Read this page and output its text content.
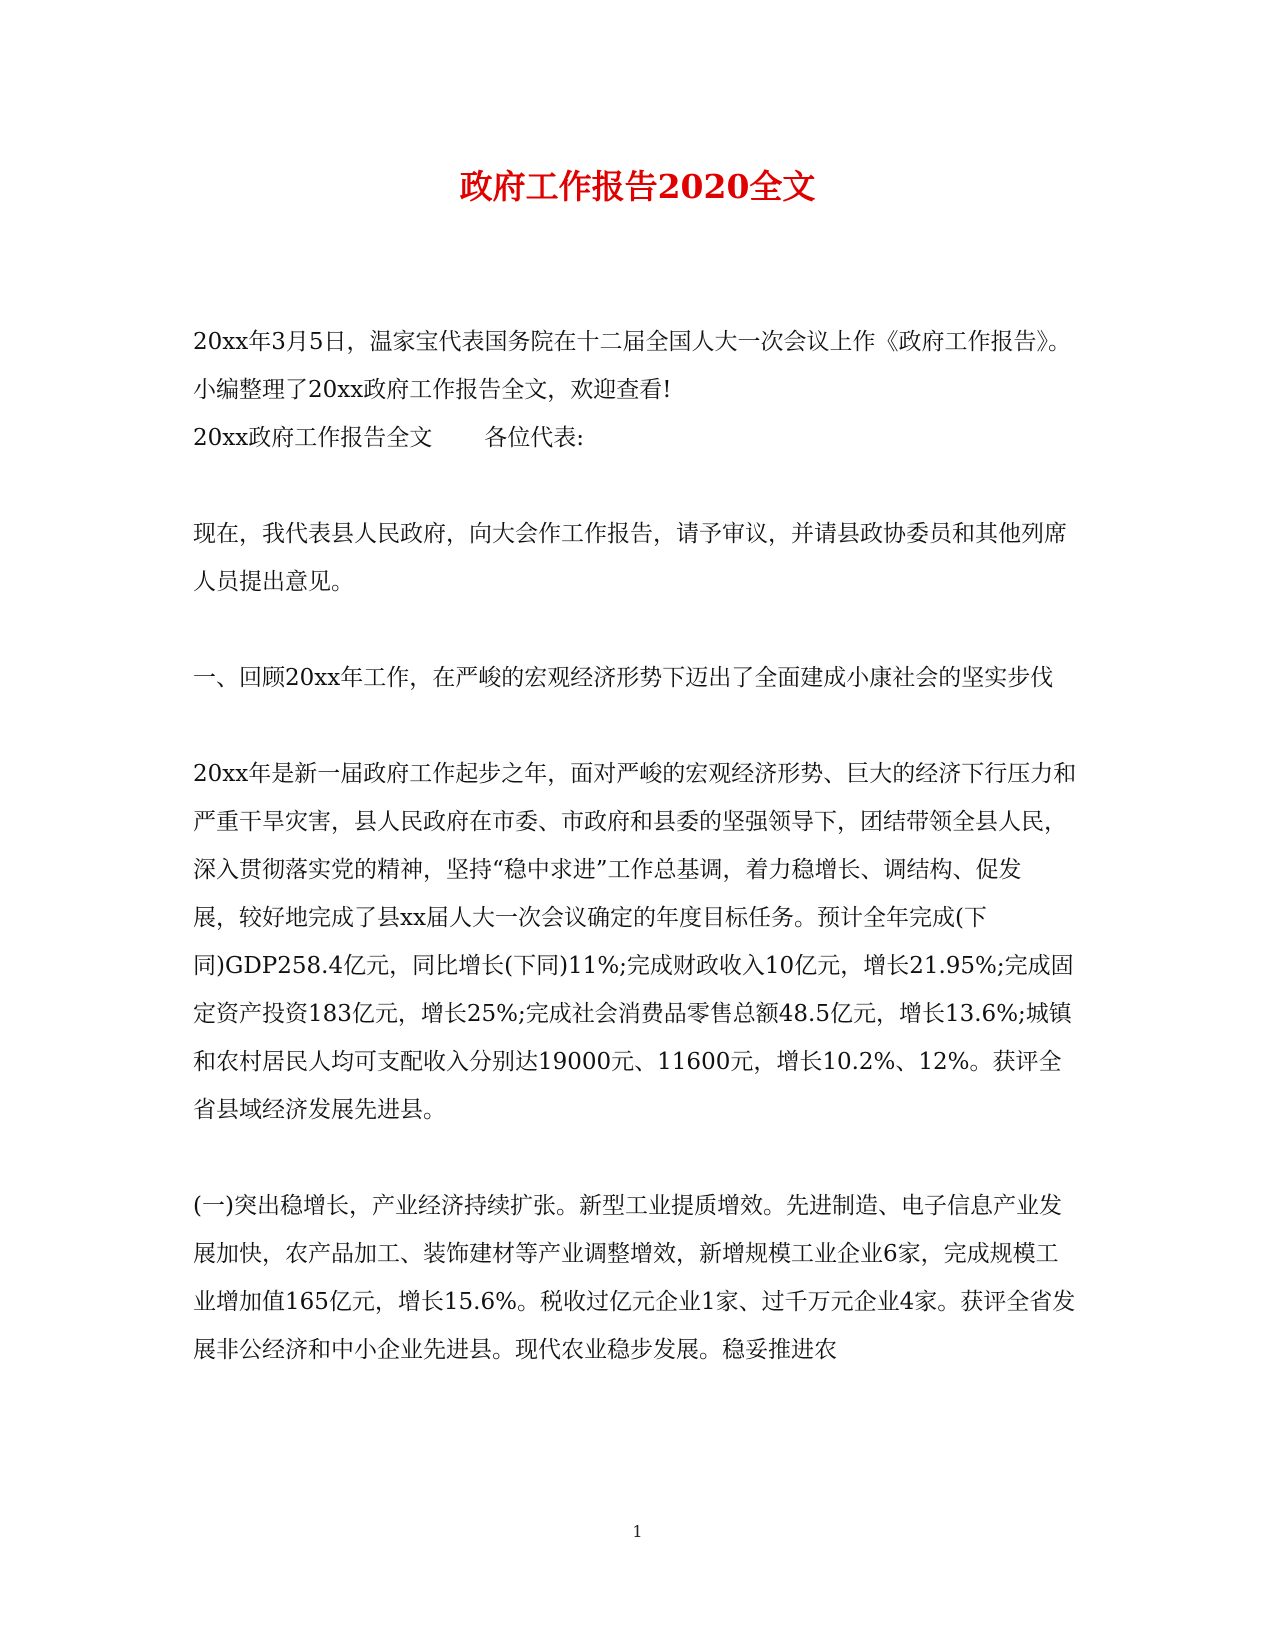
政府工作报告2020全文

20xx年3月5日，温家宝代表国务院在十二届全国人大一次会议上作《政府工作报告》。小编整理了20xx政府工作报告全文，欢迎查看!

20xx政府工作报告全文 各位代表:

现在，我代表县人民政府，向大会作工作报告，请予审议，并请县政协委员和其他列席人员提出意见。

一、回顾20xx年工作，在严峻的宏观经济形势下迈出了全面建成小康社会的坚实步伐

20xx年是新一届政府工作起步之年，面对严峻的宏观经济形势、巨大的经济下行压力和严重干旱灾害，县人民政府在市委、市政府和县委的坚强领导下，团结带领全县人民，深入贯彻落实党的精神，坚持“稳中求进”工作总基调，着力稳增长、调结构、促发

展，较好地完成了县xx届人大一次会议确定的年度目标任务。预计全年完成(下同)GDP258.4亿元，同比增长(下同)11%;完成财政收入10亿元，增长21.95%;完成固定资产投资183亿元，增长25%;完成社会消费品零售总额48.5亿元，增长13.6%;城镇和农村居民人均可支配收入分别达19000元、11600元，增长10.2%、12%。获评全省县域经济发展先进县。

(一)突出稳增长，产业经济持续扩张。新型工业提质增效。先进制造、电子信息产业发展加快，农产品加工、装饰建材等产业调整增效，新增规模工业企业6家，完成规模工业增加值165亿元，增长15.6%。税收过亿元企业1家、过千万元企业4家。获评全省发展非公经济和中小企业先进县。现代农业稳步发展。稳妥推进农

1
